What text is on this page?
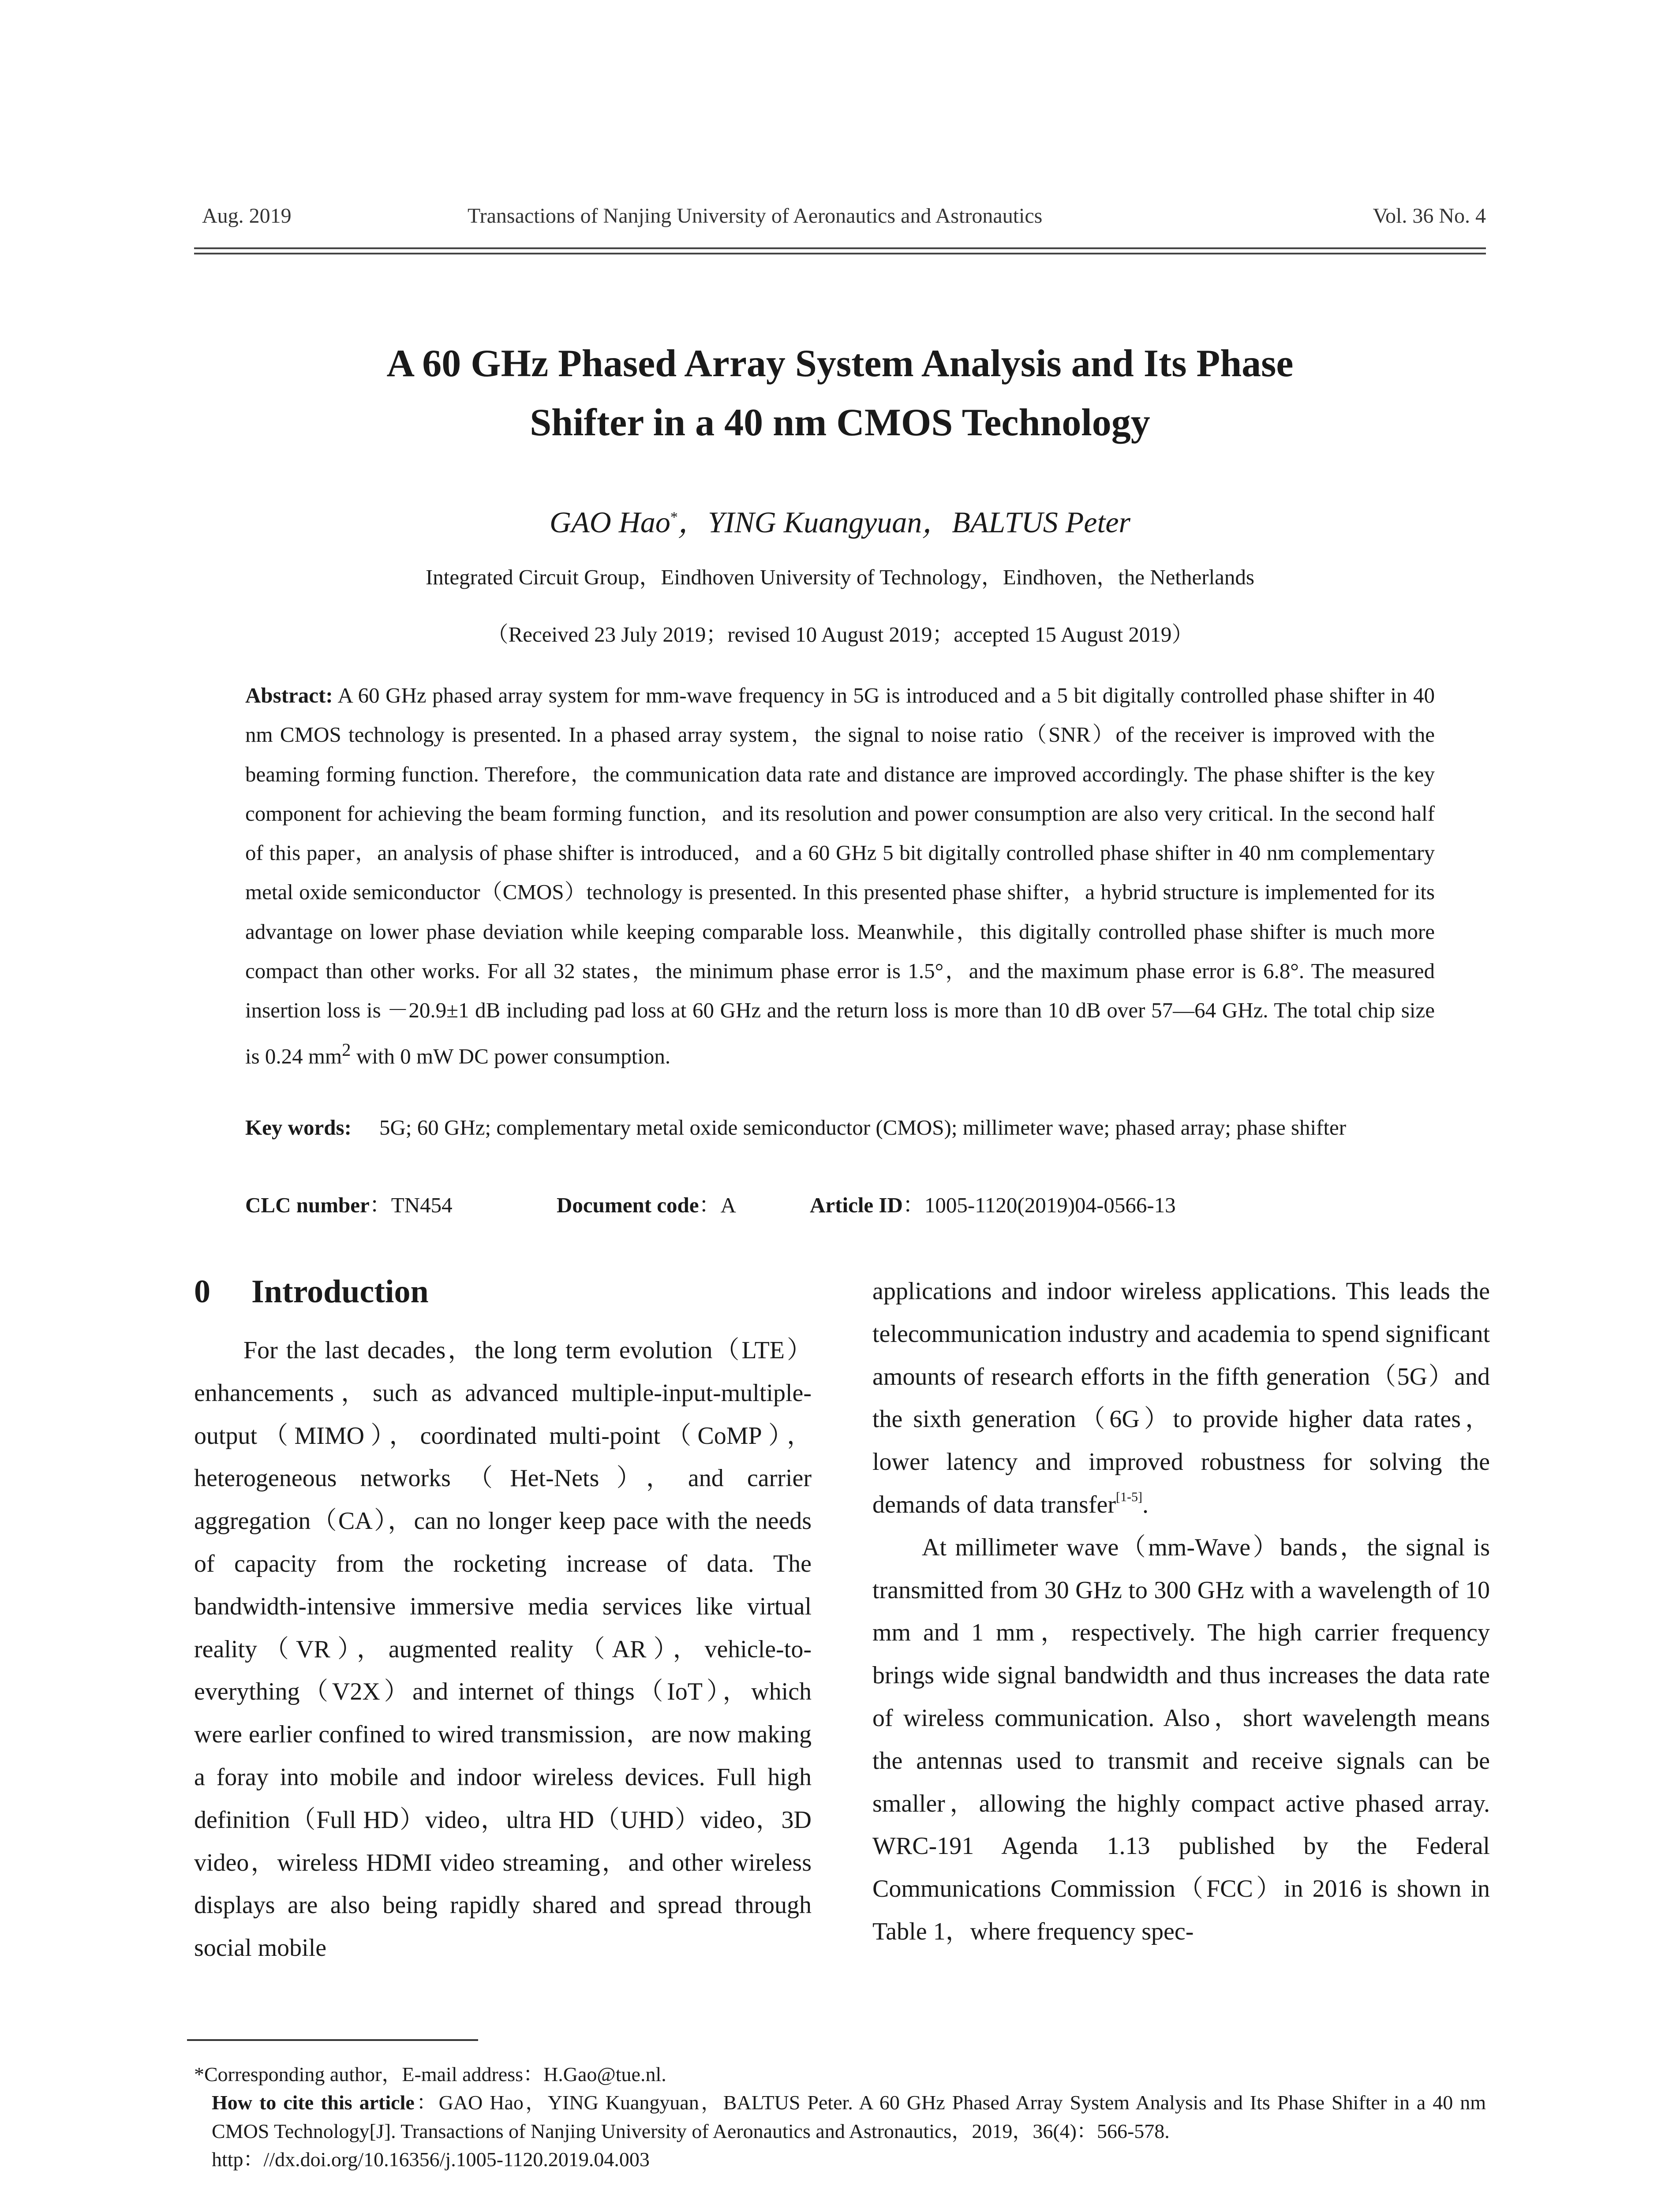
Aug. 2019	Transactions of Nanjing University of Aeronautics and Astronautics	Vol. 36 No. 4
A 60 GHz Phased Array System Analysis and Its Phase
Shifter in a 40 nm CMOS Technology
GAO Hao*，YING Kuangyuan，BALTUS Peter
Integrated Circuit Group，Eindhoven University of Technology，Eindhoven，the Netherlands
（Received 23 July 2019；revised 10 August 2019；accepted 15 August 2019）

Abstract: A 60 GHz phased array system for mm-wave frequency in 5G is introduced and a 5 bit digitally controlled phase shifter in 40 nm CMOS technology is presented. In a phased array system，the signal to noise ratio（SNR）of the receiver is improved with the beaming forming function. Therefore，the communication data rate and distance are improved accordingly. The phase shifter is the key component for achieving the beam forming function，and its resolution and power consumption are also very critical. In the second half of this paper，an analysis of phase shifter is introduced，and a 60 GHz 5 bit digitally controlled phase shifter in 40 nm complementary metal oxide semiconductor（CMOS）technology is presented. In this presented phase shifter，a hybrid structure is implemented for its advantage on lower phase deviation while keeping comparable loss. Meanwhile，this digitally controlled phase shifter is much more compact than other works. For all 32 states，the minimum phase error is 1.5°，and the maximum phase error is 6.8°. The measured insertion loss is －20.9±1 dB including pad loss at 60 GHz and the return loss is more than 10 dB over 57—64 GHz. The total chip size is 0.24 $mm^2$ with 0 mW DC power consumption.

Key words:	5G; 60 GHz; complementary metal oxide semiconductor (CMOS); millimeter wave; phased array; phase shifter
CLC number：TN454	Document code：A	Article ID：1005-1120(2019)04-0566-13
0 Introduction

For the last decades，the long term evolution（LTE）enhancements，such as advanced multiple-input-multiple-output（MIMO），coordinated multi-point（CoMP），heterogeneous networks（Het-Nets），and carrier aggregation（CA），can no longer keep pace with the needs of capacity from the rocketing increase of data. The bandwidth-intensive immersive media services like virtual reality（VR），augmented reality（AR），vehicle-to-everything（V2X）and internet of things（IoT），which were earlier confined to wired transmission，are now making a foray into mobile and indoor wireless devices. Full high definition（Full HD）video，ultra HD（UHD）video，3D video，wireless HDMI video streaming，and other wireless displays are also being rapidly shared and spread through social mobile

applications and indoor wireless applications. This leads the telecommunication industry and academia to spend significant amounts of research efforts in the fifth generation（5G）and the sixth generation（6G）to provide higher data rates，lower latency and improved robustness for solving the demands of data transfer[1-5].

At millimeter wave（mm-Wave）bands，the signal is transmitted from 30 GHz to 300 GHz with a wavelength of 10 mm and 1 mm，respectively. The high carrier frequency brings wide signal bandwidth and thus increases the data rate of wireless communication. Also，short wavelength means the antennas used to transmit and receive signals can be smaller，allowing the highly compact active phased array. WRC-191 Agenda 1.13 published by the Federal Communications Commission（FCC）in 2016 is shown in Table 1，where frequency spec-

*Corresponding author，E-mail address：H.Gao@tue.nl.

How to cite this article：GAO Hao，YING Kuangyuan，BALTUS Peter. A 60 GHz Phased Array System Analysis and Its Phase Shifter in a 40 nm CMOS Technology[J]. Transactions of Nanjing University of Aeronautics and Astronautics，2019，36(4)：566-578.

http：//dx.doi.org/10.16356/j.1005-1120.2019.04.003
